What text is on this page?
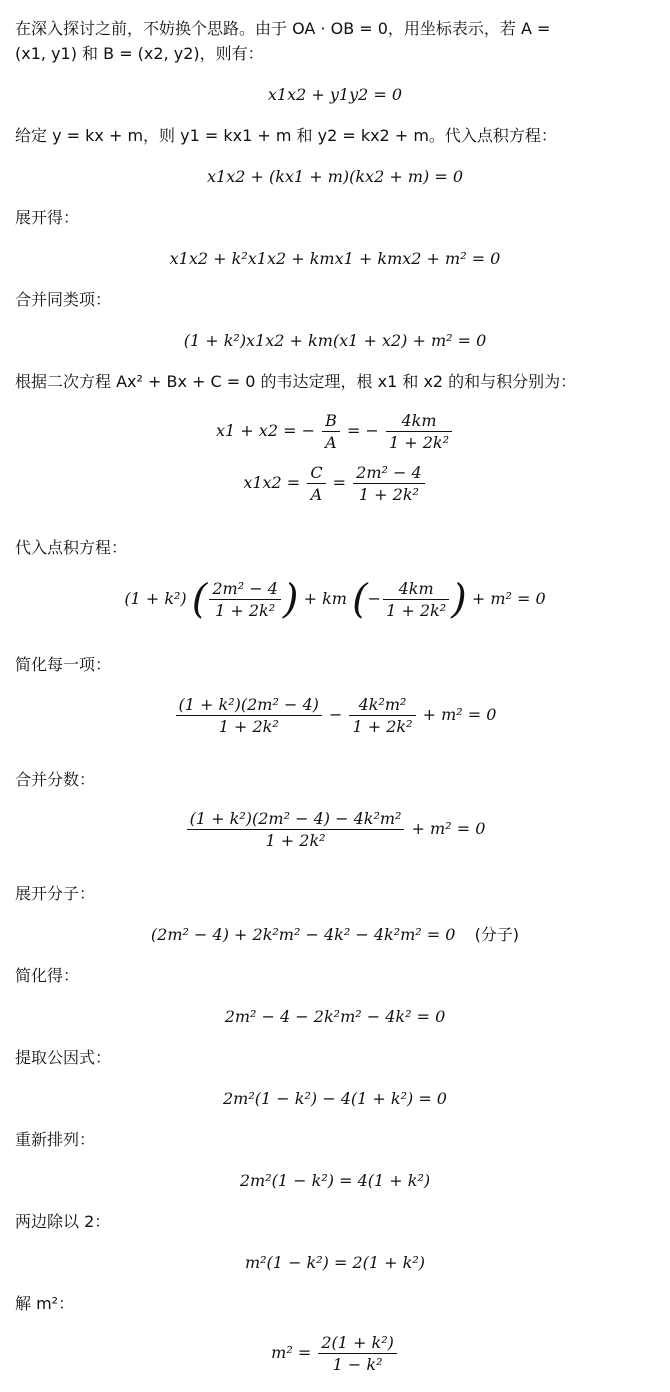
在深入探讨之前，不妨换个思路。由于 OA · OB = 0，用坐标表示，若 A =

(x1, y1) 和 B = (x2, y2)，则有：

x1x2 + y1y2 = 0

给定 y = kx + m，则 y1 = kx1 + m 和 y2 = kx2 + m。代入点积方程：

x1x2 + (kx1 + m)(kx2 + m) = 0

展开得：

x1x2 + k²x1x2 + kmx1 + kmx2 + m² = 0

合并同类项：

(1 + k²)x1x2 + km(x1 + x2) + m² = 0

根据二次方程 Ax² + Bx + C = 0 的韦达定理，根 x1 和 x2 的和与积分别为：

x1 + x2 = − $\frac{B}{A}$ = − $\frac{4km}{\text{1 + 2k²}}$
$x1x2 = \frac{C}{A} = \frac{\text{2m² − 4}}{\text{1 + 2k²}}$

代入点积方程：

(1 + k²) ( $\frac{\text{2m² − 4}}{\text{1 + 2k²}}$ ) + km (− $\frac{4km}{\text{1 + 2k²}}$ ) + m² = 0

简化每一项：

$\frac{\text{(1 + k²)(2m² − 4)}}{\text{1 + 2k²}} - \frac{\text{4k²m²}}{\text{1 + 2k²}} + m^2 = 0$

合并分数：

$\frac{\text{(1 + k²)(2m² − 4) − 4k²m²}}{\text{1 + 2k²}} + m^2 = 0$

展开分子：

(2m² − 4) + 2k²m² − 4k² − 4k²m² = 0 (分子)

简化得：

2m² − 4 − 2k²m² − 4k² = 0

提取公因式：

2m²(1 − k²) − 4(1 + k²) = 0

重新排列：

2m²(1 − k²) = 4(1 + k²)

两边除以 2：

m²(1 − k²) = 2(1 + k²)

解 m²：

$m^2 = \frac{\text{2(1 + k²)}}{\text{1 − k²}}$
